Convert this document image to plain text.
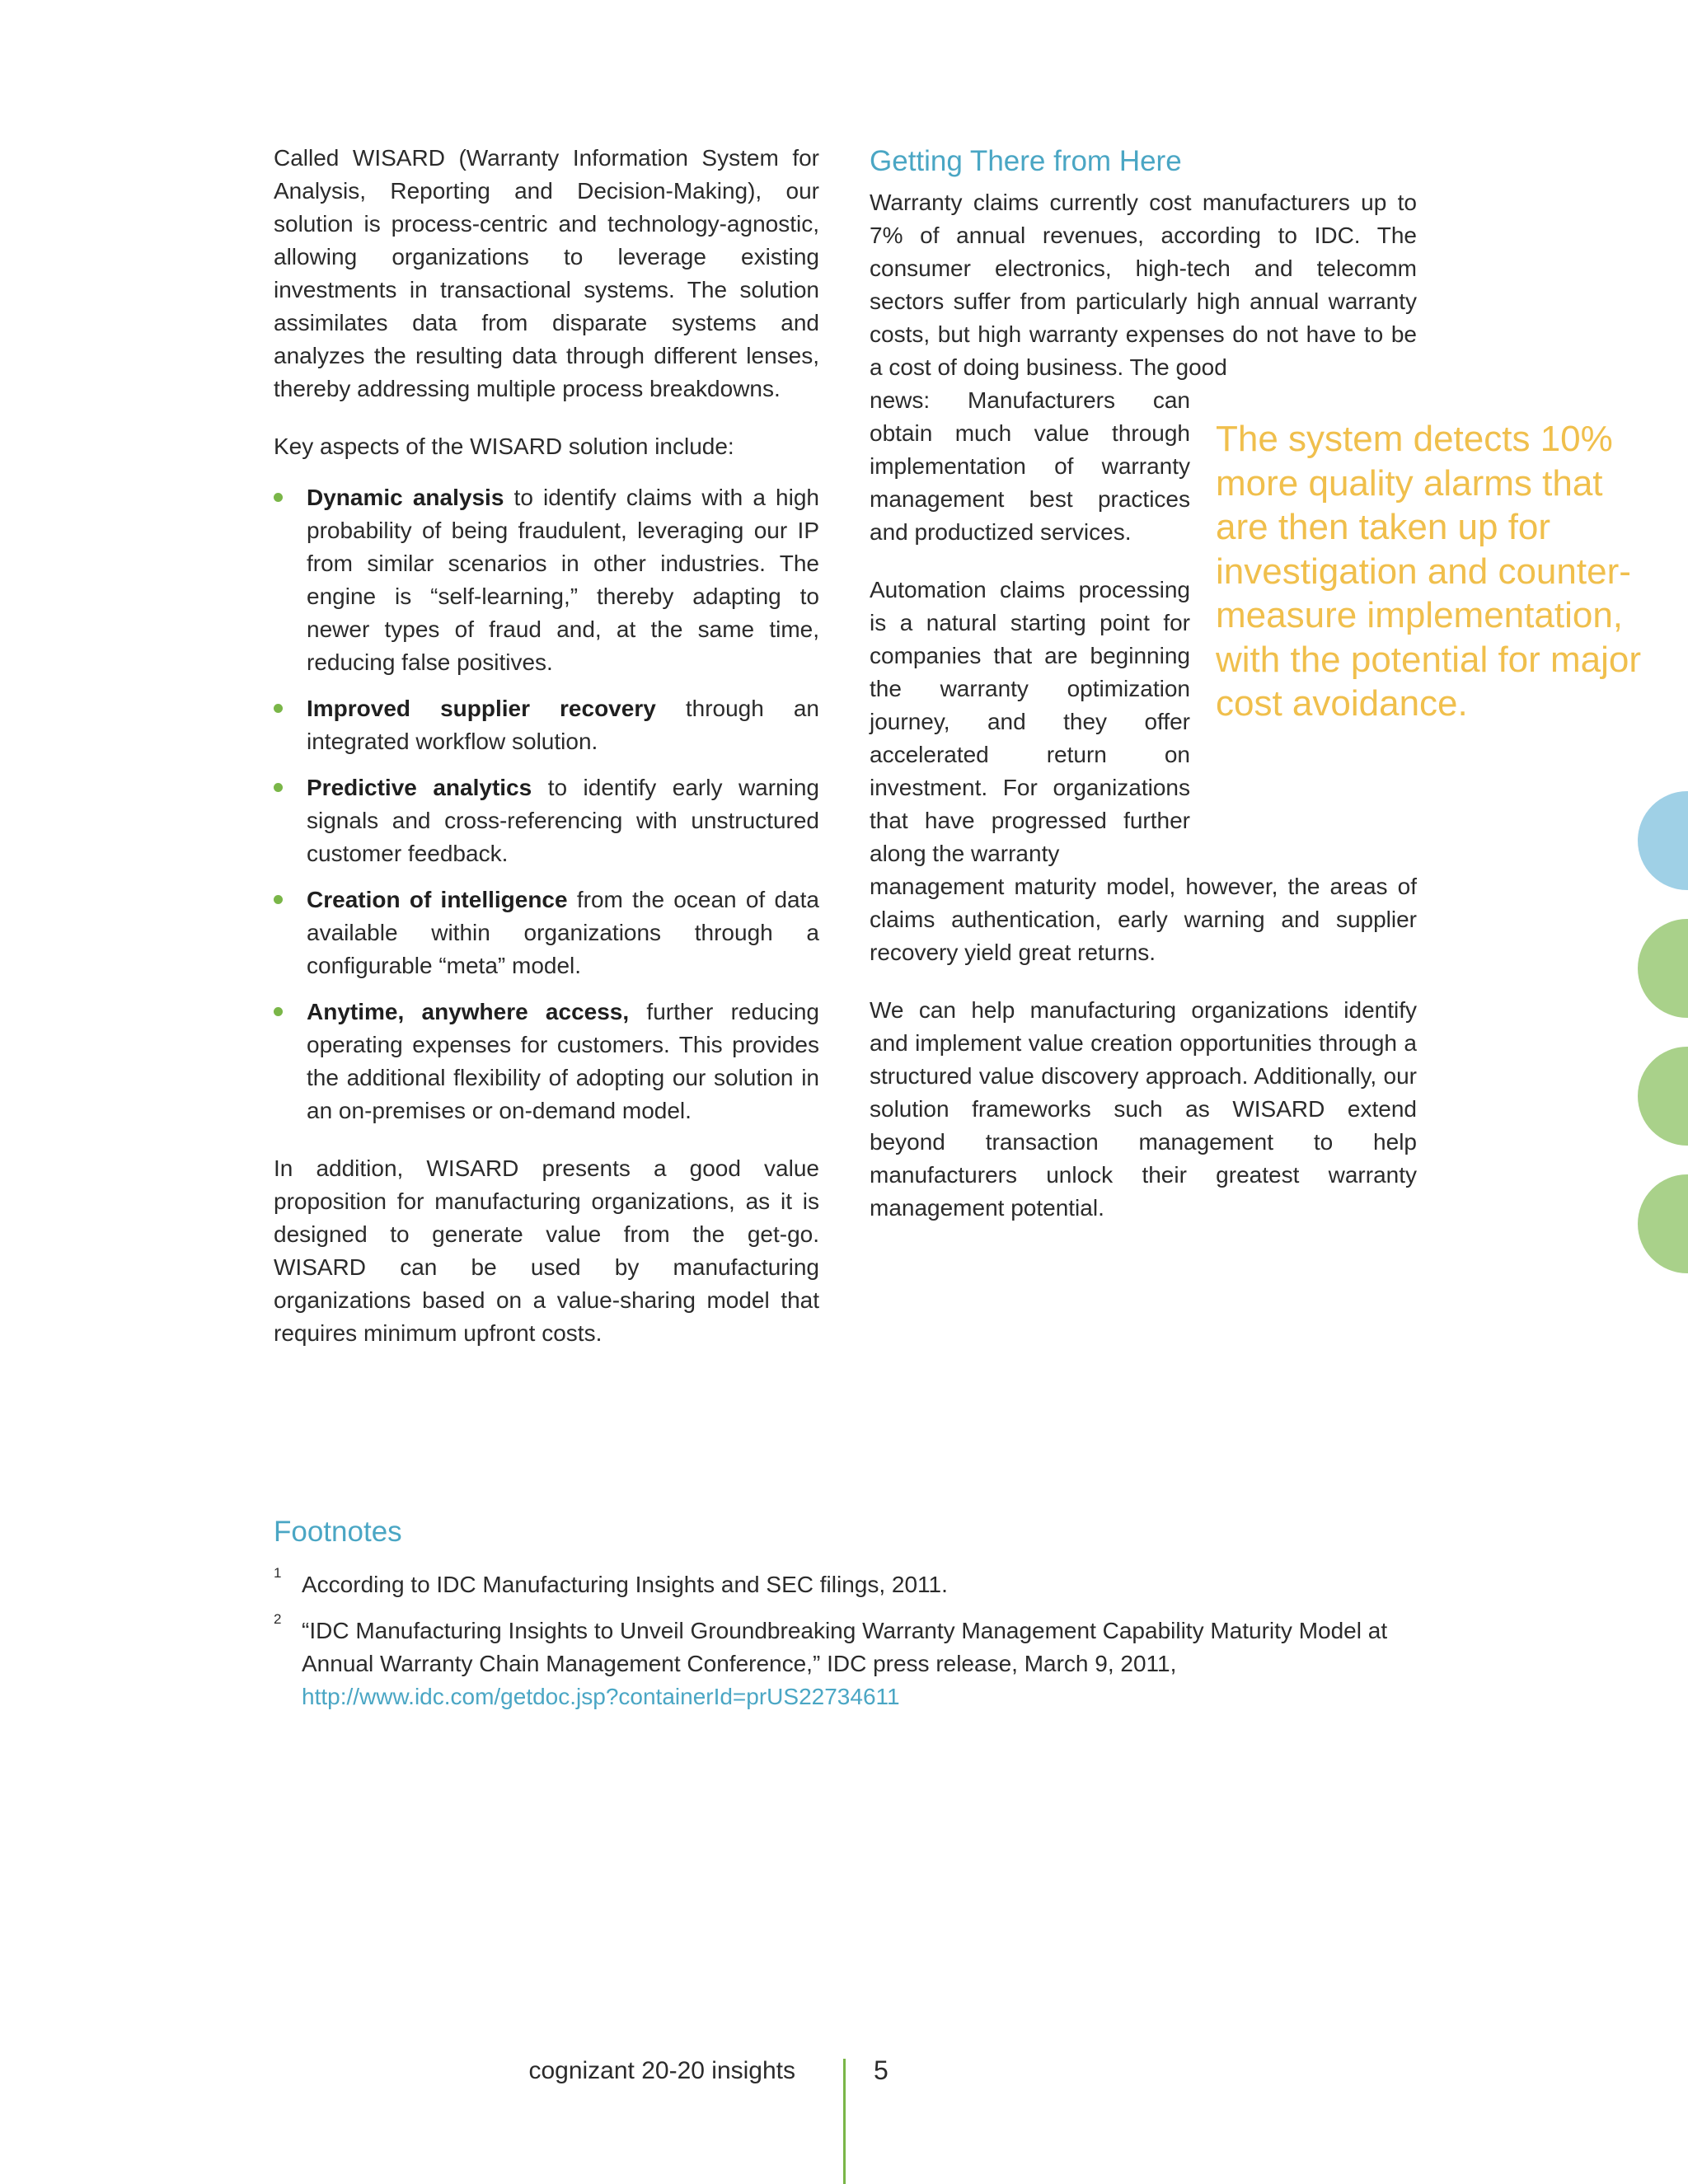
Called WISARD (Warranty Information System for Analysis, Reporting and Decision-Making), our solution is process-centric and technology-agnostic, allowing organizations to leverage existing investments in transactional systems. The solution assimilates data from disparate systems and analyzes the resulting data through different lenses, thereby addressing multiple process breakdowns.

Key aspects of the WISARD solution include:

Dynamic analysis to identify claims with a high probability of being fraudulent, leveraging our IP from similar scenarios in other industries. The engine is “self-learning,” thereby adapting to newer types of fraud and, at the same time, reducing false positives.
Improved supplier recovery through an integrated workflow solution.
Predictive analytics to identify early warning signals and cross-referencing with unstructured customer feedback.
Creation of intelligence from the ocean of data available within organizations through a configurable “meta” model.
Anytime, anywhere access, further reducing operating expenses for customers. This provides the additional flexibility of adopting our solution in an on-premises or on-demand model.

In addition, WISARD presents a good value proposition for manufacturing organizations, as it is designed to generate value from the get-go. WISARD can be used by manufacturing organizations based on a value-sharing model that requires minimum upfront costs.

Getting There from Here

Warranty claims currently cost manufacturers up to 7% of annual revenues, according to IDC. The consumer electronics, high-tech and telecomm sectors suffer from particularly high annual warranty costs, but high warranty expenses do not have to be a cost of doing business. The good

news: Manufacturers can obtain much value through implementation of warranty management best practices and productized services.

Automation claims processing is a natural starting point for companies that are beginning the warranty optimization journey, and they offer accelerated return on investment. For organizations that have progressed further along the warranty

The system detects 10% more quality alarms that are then taken up for investigation and counter-measure implementation, with the potential for major cost avoidance.

management maturity model, however, the areas of claims authentication, early warning and supplier recovery yield great returns.

We can help manufacturing organizations identify and implement value creation opportunities through a structured value discovery approach. Additionally, our solution frameworks such as WISARD extend beyond transaction management to help manufacturers unlock their greatest warranty management potential.

Footnotes
1 According to IDC Manufacturing Insights and SEC filings, 2011.
2 “IDC Manufacturing Insights to Unveil Groundbreaking Warranty Management Capability Maturity Model at Annual Warranty Chain Management Conference,” IDC press release, March 9, 2011,
http://www.idc.com/getdoc.jsp?containerId=prUS22734611
cognizant 20-20 insights	5
